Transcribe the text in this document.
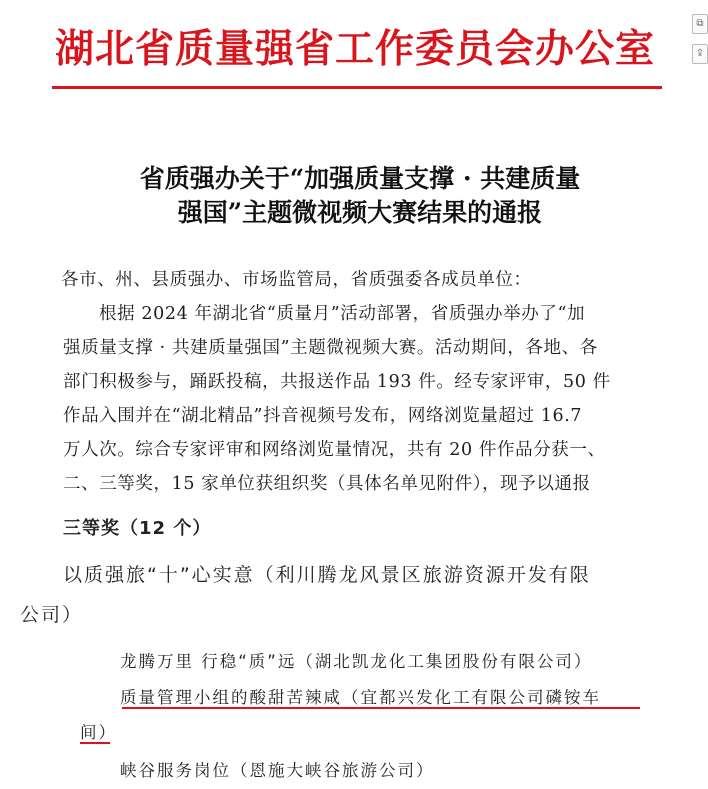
湖北省质量强省工作委员会办公室
省质强办关于“加强质量支撑 · 共建质量
强国”主题微视频大赛结果的通报
各市、州、县质强办、市场监管局，省质强委各成员单位：
根据 2024 年湖北省“质量月”活动部署，省质强办举办了“加
强质量支撑 · 共建质量强国”主题微视频大赛。活动期间，各地、各
部门积极参与，踊跃投稿，共报送作品 193 件。经专家评审，50 件
作品入围并在“湖北精品”抖音视频号发布，网络浏览量超过 16.7
万人次。综合专家评审和网络浏览量情况，共有 20 件作品分获一、
二、三等奖，15 家单位获组织奖（具体名单见附件），现予以通报
⧉
⇪
三等奖（12 个）
以质强旅“十”心实意（利川腾龙风景区旅游资源开发有限
公司）
龙腾万里 行稳“质”远（湖北凯龙化工集团股份有限公司）
质量管理小组的酸甜苦辣咸（宜都兴发化工有限公司磷铵车
间）
峡谷服务岗位（恩施大峡谷旅游公司）
